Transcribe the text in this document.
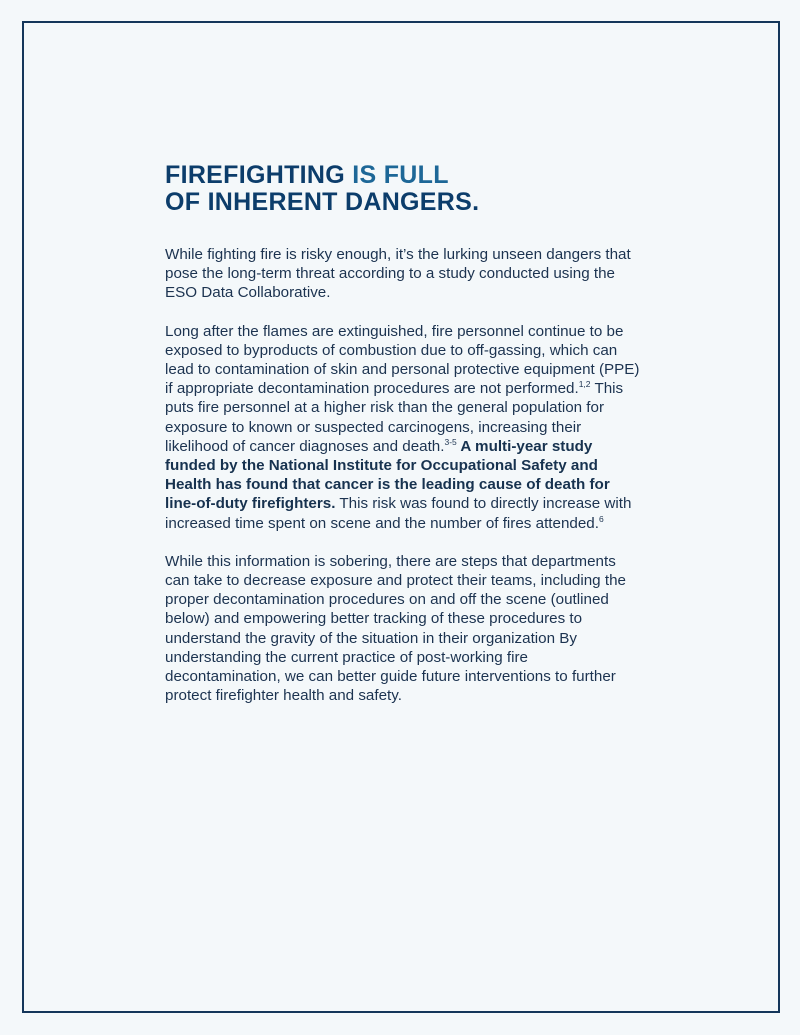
FIREFIGHTING IS FULL
OF INHERENT DANGERS.

While fighting fire is risky enough, it’s the lurking unseen dangers that pose the long-term threat according to a study conducted using the ESO Data Collaborative.

Long after the flames are extinguished, fire personnel continue to be exposed to byproducts of combustion due to off-gassing, which can lead to contamination of skin and personal protective equipment (PPE) if appropriate decontamination procedures are not performed.$^{1,2}$ This puts fire personnel at a higher risk than the general population for exposure to known or suspected carcinogens, increasing their likelihood of cancer diagnoses and death.$^{3-5}$ A multi-year study funded by the National Institute for Occupational Safety and Health has found that cancer is the leading cause of death for line-of-duty firefighters. This risk was found to directly increase with increased time spent on scene and the number of fires attended.$^6$

While this information is sobering, there are steps that departments can take to decrease exposure and protect their teams, including the proper decontamination procedures on and off the scene (outlined below) and empowering better tracking of these procedures to understand the gravity of the situation in their organization By understanding the current practice of post-working fire decontamination, we can better guide future interventions to further protect firefighter health and safety.
